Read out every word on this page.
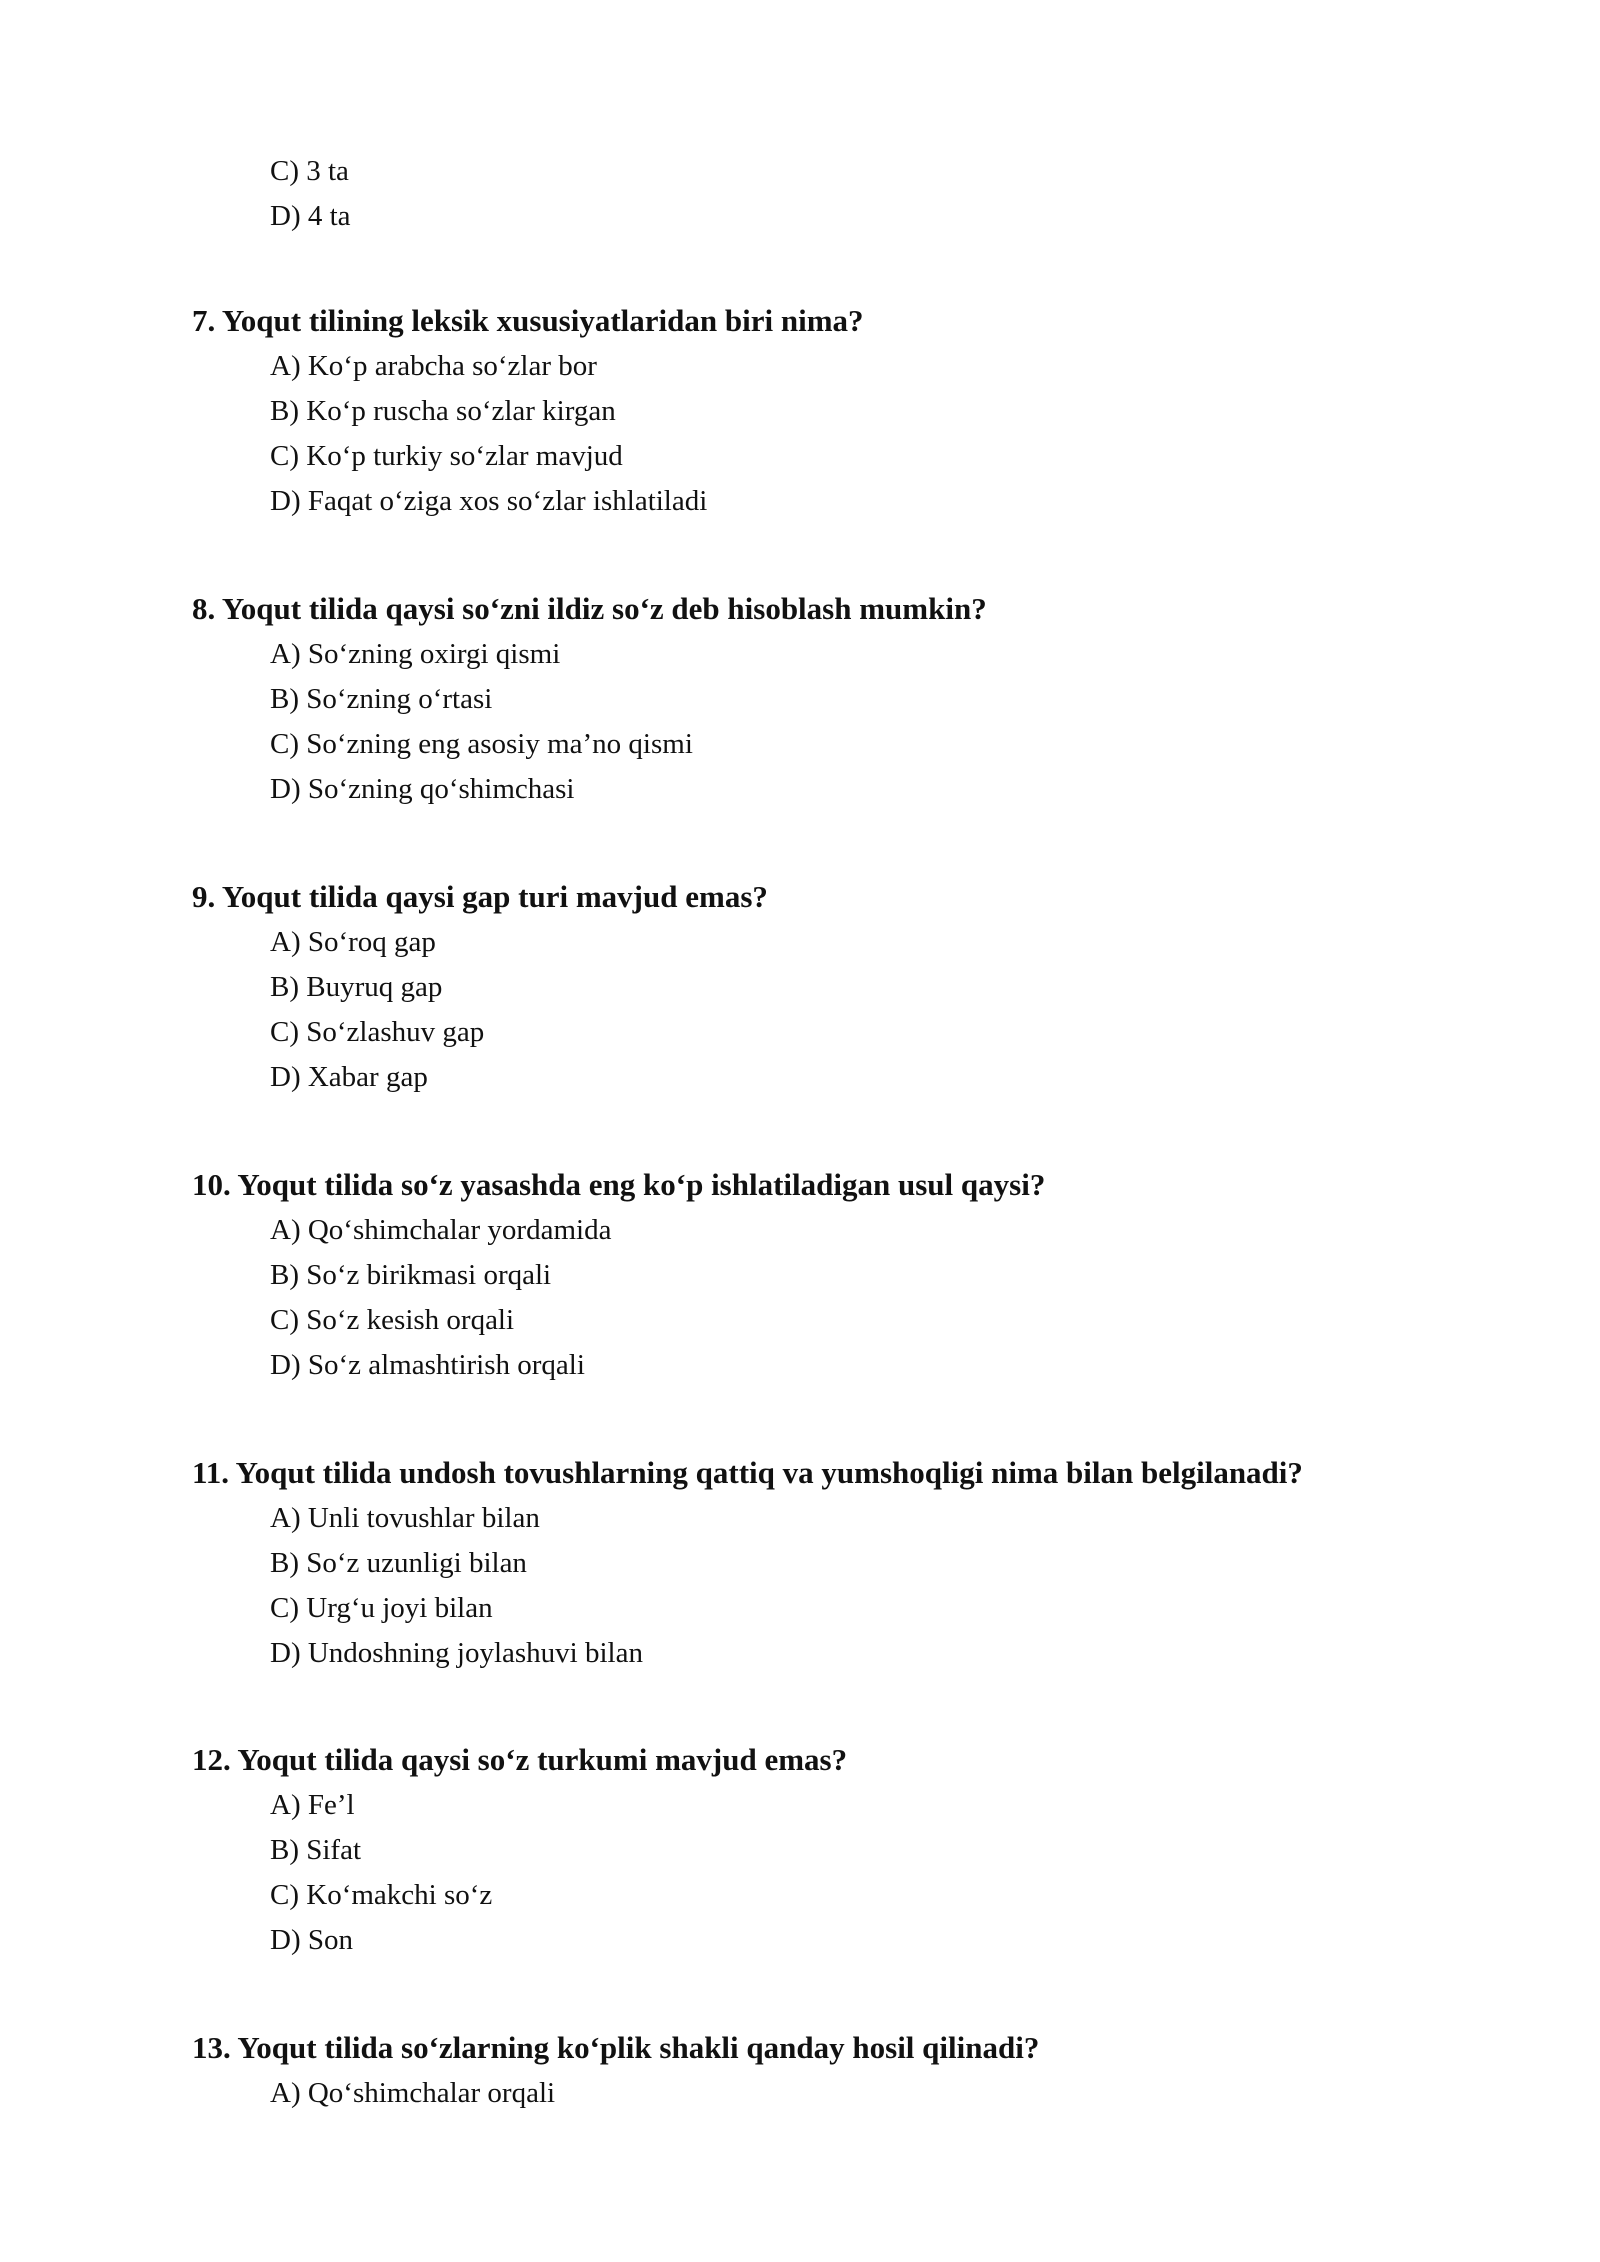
C) 3 ta
D) 4 ta
7. Yoqut tilining leksik xususiyatlaridan biri nima?
A) Ko‘p arabcha so‘zlar bor
B) Ko‘p ruscha so‘zlar kirgan
C) Ko‘p turkiy so‘zlar mavjud
D) Faqat o‘ziga xos so‘zlar ishlatiladi
8. Yoqut tilida qaysi so‘zni ildiz so‘z deb hisoblash mumkin?
A) So‘zning oxirgi qismi
B) So‘zning o‘rtasi
C) So‘zning eng asosiy ma’no qismi
D) So‘zning qo‘shimchasi
9. Yoqut tilida qaysi gap turi mavjud emas?
A) So‘roq gap
B) Buyruq gap
C) So‘zlashuv gap
D) Xabar gap
10. Yoqut tilida so‘z yasashda eng ko‘p ishlatiladigan usul qaysi?
A) Qo‘shimchalar yordamida
B) So‘z birikmasi orqali
C) So‘z kesish orqali
D) So‘z almashtirish orqali
11. Yoqut tilida undosh tovushlarning qattiq va yumshoqligi nima bilan belgilanadi?
A) Unli tovushlar bilan
B) So‘z uzunligi bilan
C) Urg‘u joyi bilan
D) Undoshning joylashuvi bilan
12. Yoqut tilida qaysi so‘z turkumi mavjud emas?
A) Fe’l
B) Sifat
C) Ko‘makchi so‘z
D) Son
13. Yoqut tilida so‘zlarning ko‘plik shakli qanday hosil qilinadi?
A) Qo‘shimchalar orqali
